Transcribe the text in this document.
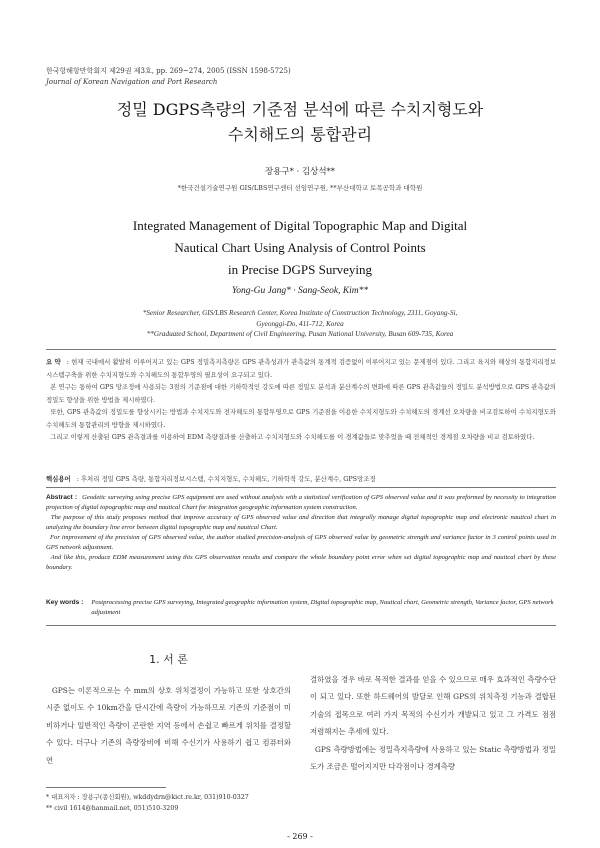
한국항해항만학회지 제29권 제3호, pp. 269~274, 2005 (ISSN 1598-5725)
Journal of Korean Navigation and Port Research
정밀 DGPS측량의 기준점 분석에 따른 수치지형도와
수치해도의 통합관리
장용구* · 김상석**
*한국건설기술연구원 GIS/LBS연구센터 선임연구원, **부산대학교 토목공학과 대학원
Integrated Management of Digital Topographic Map and Digital
Nautical Chart Using Analysis of Control Points
in Precise DGPS Surveying
Yong-Gu Jang* · Sang-Seok, Kim**
*Senior Researcher, GIS/LBS Research Center, Korea Institute of Construction Technology, 2311, Goyang-Si,
Gyeonggi-Do, 411-712, Korea
**Graduated School, Department of Civil Engineering, Pusan National University, Busan 609-735, Korea

요 약 : 현재 국내에서 활발히 이루어지고 있는 GPS 정밀측지측량은 GPS 관측성과가 관측값의 통계적 검증없이 이루어지고 있는 문제점이 있다. 그리고 육지와 해상의 통합지리정보시스템구축을 위한 수치지형도와 수치해도의 통합투영의 필요성이 요구되고 있다.

본 연구는 통하여 GPS 망조정에 사용되는 3점의 기준점에 대한 기하학적인 강도에 따른 정밀도 분석과 분산계수의 변화에 따른 GPS 관측값들의 정밀도 분석방법으로 GPS 관측값의 정밀도 향상을 위한 방법을 제시하였다.

또한, GPS 관측값의 정밀도를 향상시키는 방법과 수치지도와 전자해도의 통합투영으로 GPS 기준점을 이용한 수치지형도와 수치해도의 경계선 오차량을 비교검토하여 수치지형도와 수치해도의 통합관리의 방향을 제시하였다.

그리고 이렇게 산출된 GPS 관측결과를 이용하여 EDM 측량결과를 산출하고 수치지형도와 수치해도를 이 경계값들로 맞추었을 때 전체적인 경계점 오차량을 비교 검토하였다.

핵심용어 : 후처리 정밀 GPS 측량, 통합지리정보시스템, 수치지형도, 수치해도, 기하학적 강도, 분산계수, GPS망조정

Abstract : Geodetic surveying using precise GPS equipment are used without analysis with a statistical verification of GPS observed value and it was preformed by necessity to integration projection of digital topographic map and nautical Chart for integration geographic information system construction.

The purpose of this study proposes method that improve accuracy of GPS observed value and direction that integrally manage digital topographic map and electronic nautical chart in analyzing the boundary line error between digital topographic map and nautical Chart.

For improvement of the precision of GPS observed value, the author studied precision-analysis of GPS observed value by geometric strength and variance factor in 3 control points used in GPS network adjustment.

And like this, produce EDM measurement using this GPS observation results and compare the whole boundary point error when set digital topographic map and nautical chart by these boundary.

Key words : Postprocessing precise GPS surveying, Integrated geographic information system, Digital topographic map, Nautical chart, Geometric strength, Variance factor, GPS network adjustment
1. 서 론

GPS는 이론적으로는 수 mm의 상호 위치결정이 가능하고 또한 상호간의 시준 없이도 수 10km간을 단시간에 측량이 가능하므로 기존의 기준점이 미비하거나 일반적인 측량이 곤란한 지역 등에서 손쉽고 빠르게 위치를 결정할 수 있다. 더구나 기존의 측량장비에 비해 수신기가 사용하기 쉽고 컴퓨터와 연

결하였을 경우 바로 목적한 결과를 얻을 수 있으므로 매우 효과적인 측량수단이 되고 있다. 또한 하드웨어의 발달로 인해 GPS의 위치측정 기능과 결합된 기술의 접목으로 여러 가지 목적의 수신기가 개발되고 있고 그 가격도 점점 저렴해지는 추세에 있다.

GPS 측량방법에는 정밀측지측량에 사용하고 있는 Static 측량방법과 정밀도가 조금은 떨어지지만 다각점이나 경계측량

* 대표저자 : 장용구(종신회원), wkddydrn@kict.re.kr, 031)910-0327

** civil 1614@hanmail.net, 051)510-3209

- 269 -
